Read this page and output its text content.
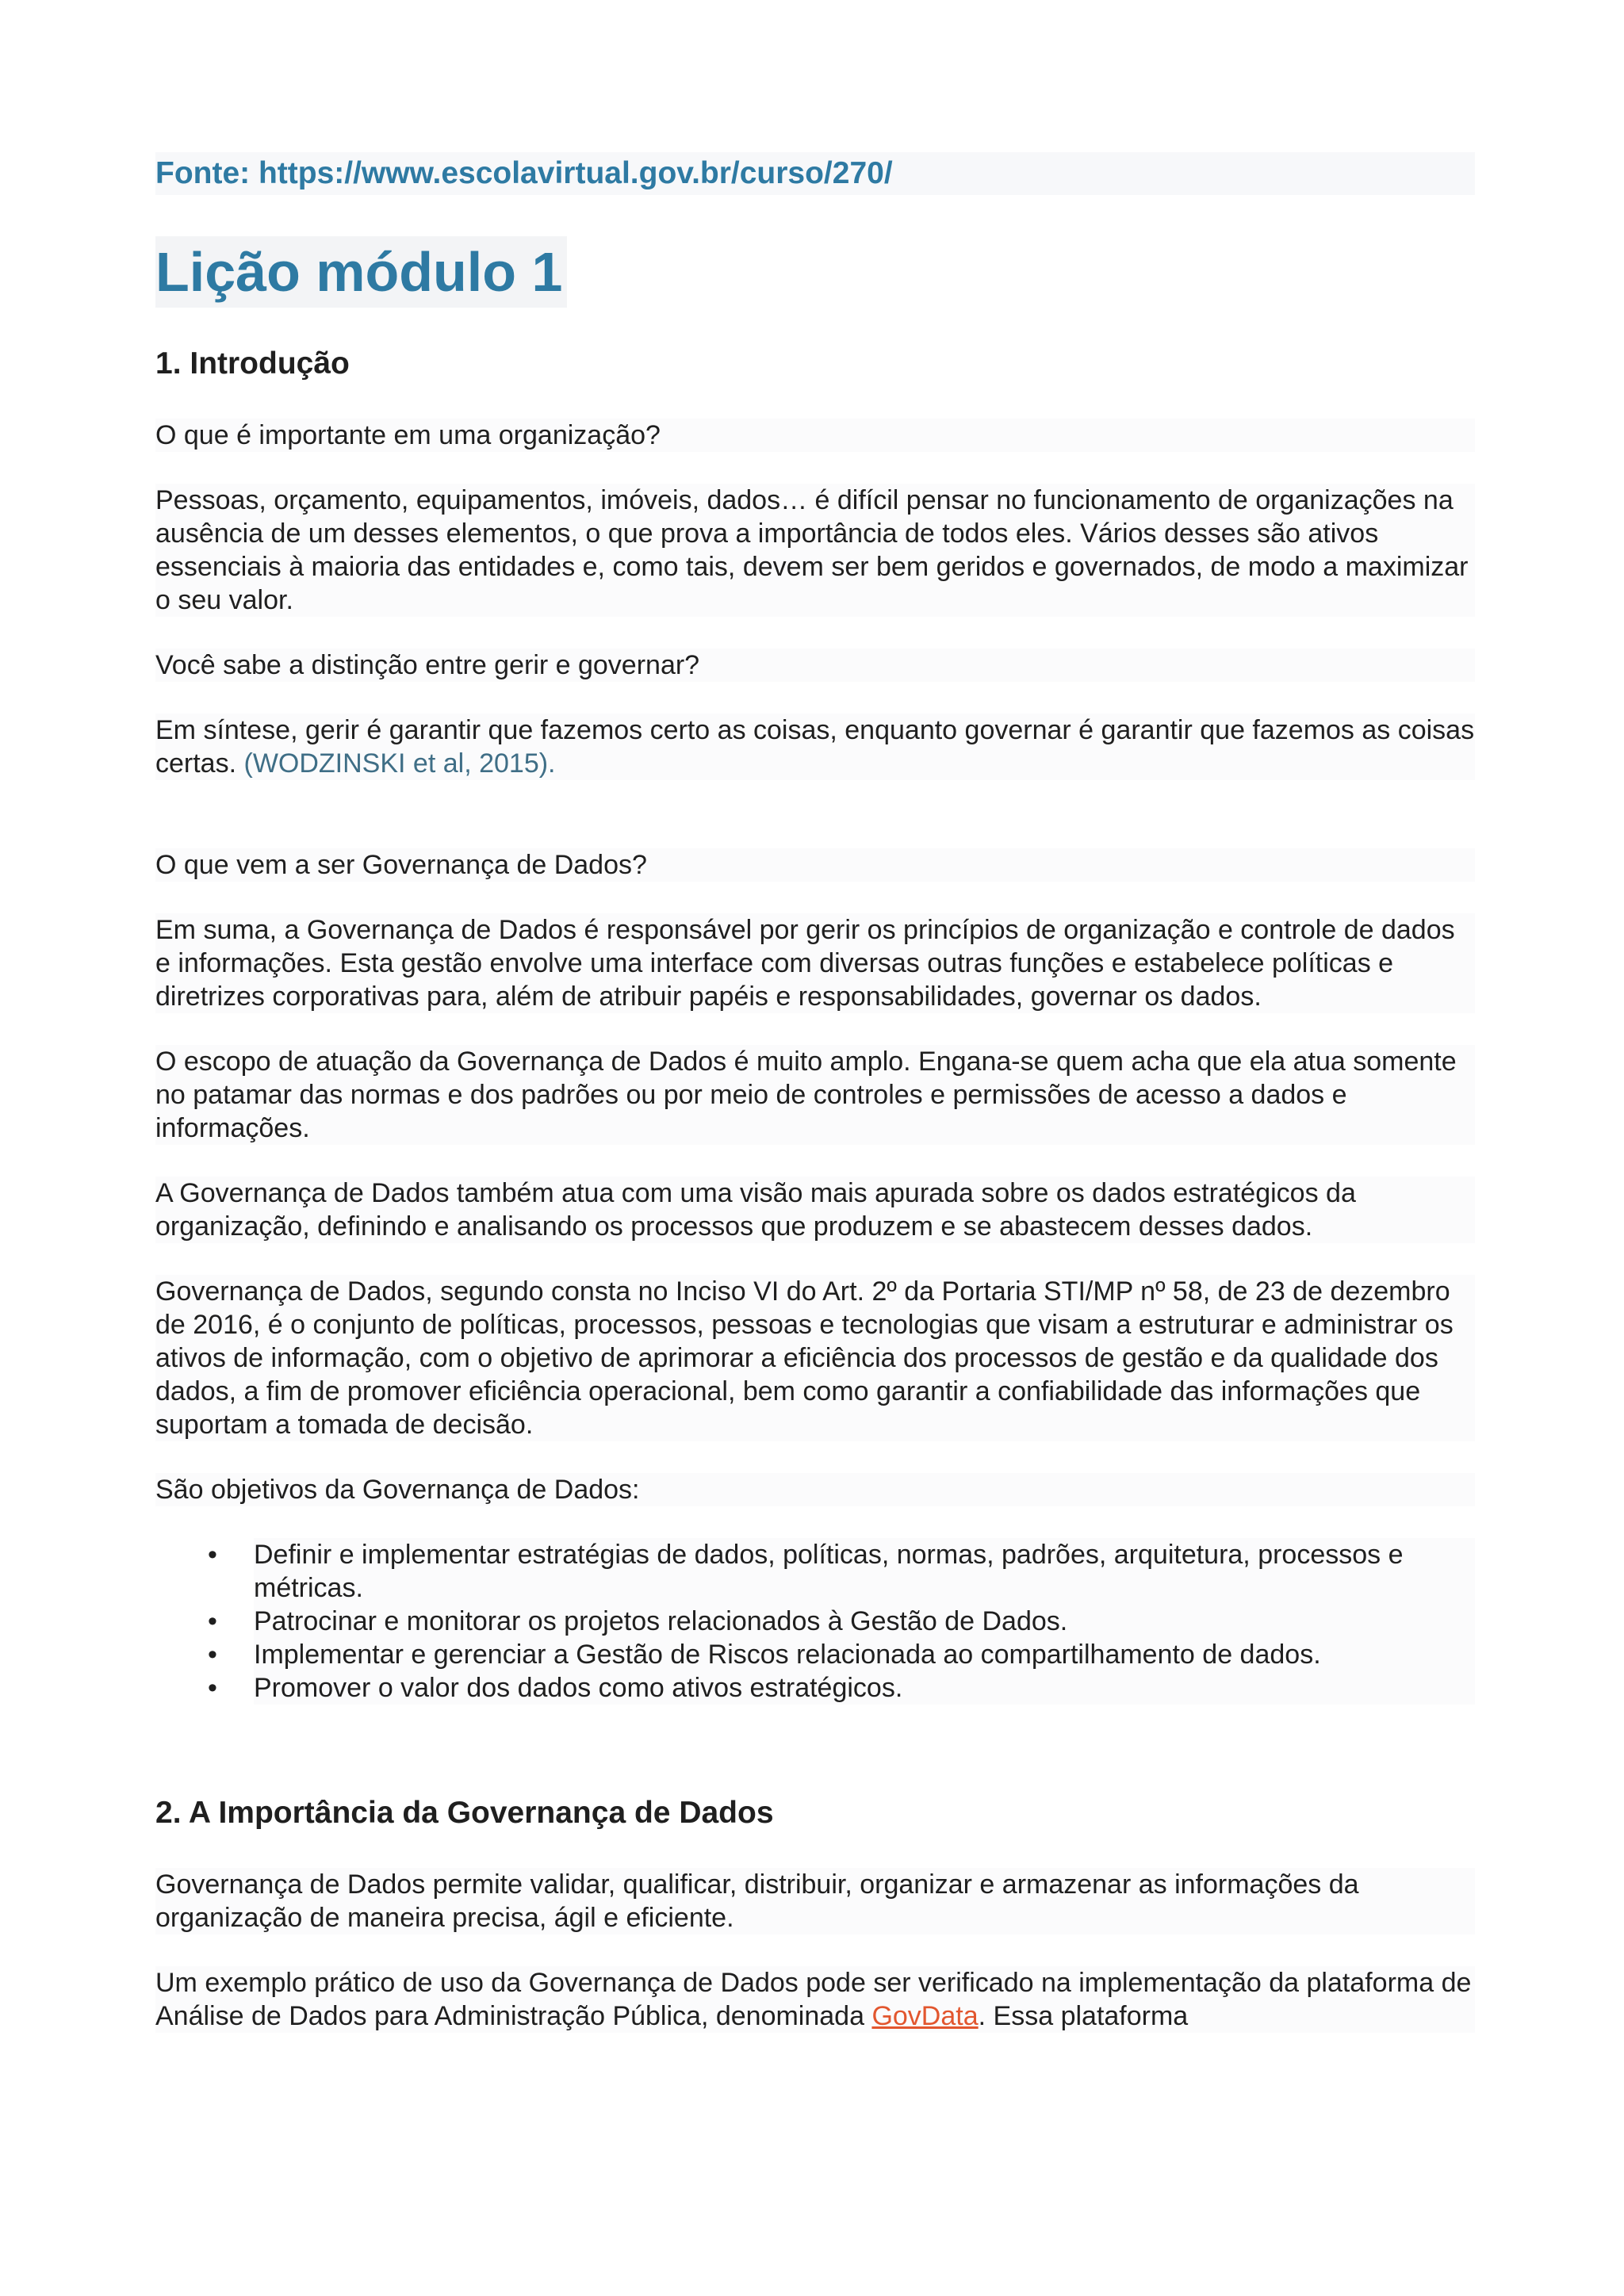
Fonte: https://www.escolavirtual.gov.br/curso/270/
Lição módulo 1
1. Introdução

O que é importante em uma organização?

Pessoas, orçamento, equipamentos, imóveis, dados… é difícil pensar no funcionamento de organizações na ausência de um desses elementos, o que prova a importância de todos eles. Vários desses são ativos essenciais à maioria das entidades e, como tais, devem ser bem geridos e governados, de modo a maximizar o seu valor.

Você sabe a distinção entre gerir e governar?

Em síntese, gerir é garantir que fazemos certo as coisas, enquanto governar é garantir que fazemos as coisas certas. (WODZINSKI et al, 2015).

O que vem a ser Governança de Dados?

Em suma, a Governança de Dados é responsável por gerir os princípios de organização e controle de dados e informações. Esta gestão envolve uma interface com diversas outras funções e estabelece políticas e diretrizes corporativas para, além de atribuir papéis e responsabilidades, governar os dados.

O escopo de atuação da Governança de Dados é muito amplo. Engana-se quem acha que ela atua somente no patamar das normas e dos padrões ou por meio de controles e permissões de acesso a dados e informações.

A Governança de Dados também atua com uma visão mais apurada sobre os dados estratégicos da organização, definindo e analisando os processos que produzem e se abastecem desses dados.

Governança de Dados, segundo consta no Inciso VI do Art. 2º da Portaria STI/MP nº 58, de 23 de dezembro de 2016, é o conjunto de políticas, processos, pessoas e tecnologias que visam a estruturar e administrar os ativos de informação, com o objetivo de aprimorar a eficiência dos processos de gestão e da qualidade dos dados, a fim de promover eficiência operacional, bem como garantir a confiabilidade das informações que suportam a tomada de decisão.

São objetivos da Governança de Dados:

• Definir e implementar estratégias de dados, políticas, normas, padrões, arquitetura, processos e métricas.
• Patrocinar e monitorar os projetos relacionados à Gestão de Dados.
• Implementar e gerenciar a Gestão de Riscos relacionada ao compartilhamento de dados.
• Promover o valor dos dados como ativos estratégicos.
2. A Importância da Governança de Dados

Governança de Dados permite validar, qualificar, distribuir, organizar e armazenar as informações da organização de maneira precisa, ágil e eficiente.

Um exemplo prático de uso da Governança de Dados pode ser verificado na implementação da plataforma de Análise de Dados para Administração Pública, denominada GovData. Essa plataforma
